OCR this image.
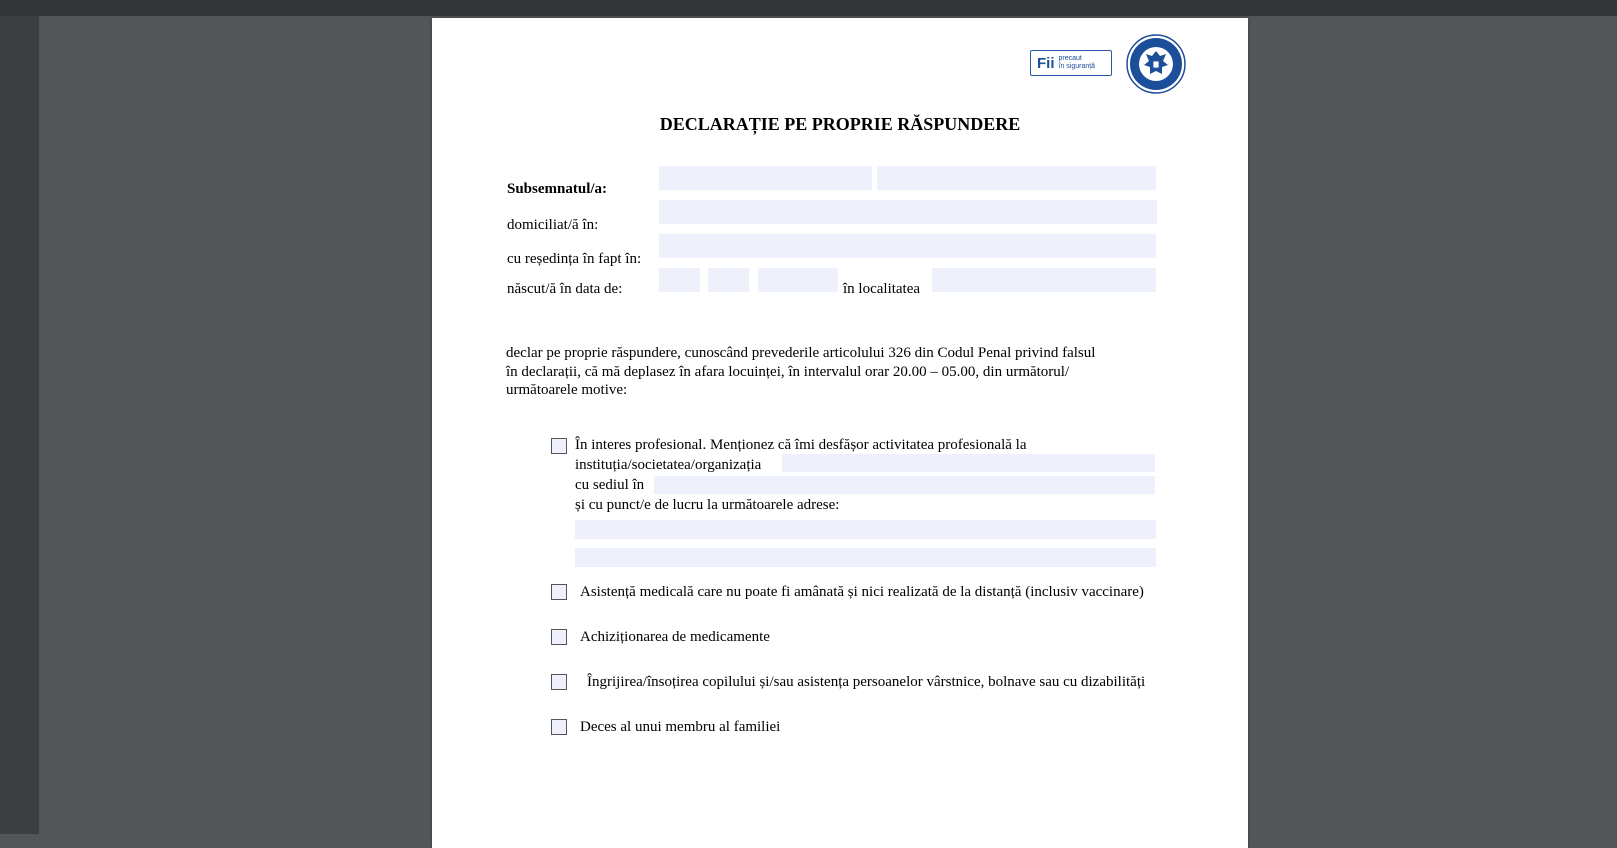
Fii precaut
în siguranță
DECLARAȚIE PE PROPRIE RĂSPUNDERE
Subsemnatul/a:
domiciliat/ă în:
cu reședința în fapt în:
născut/ă în data de:	în localitatea
declar pe proprie răspundere, cunoscând prevederile articolului 326 din Codul Penal privind falsul
în declarații, că mă deplasez în afara locuinței, în intervalul orar 20.00 – 05.00, din următorul/
următoarele motive:
În interes profesional. Menționez că îmi desfășor activitatea profesională la
instituția/societatea/organizația
cu sediul în
și cu punct/e de lucru la următoarele adrese:
Asistență medicală care nu poate fi amânată și nici realizată de la distanță (inclusiv vaccinare)
Achiziționarea de medicamente
Îngrijirea/însoțirea copilului și/sau asistența persoanelor vârstnice, bolnave sau cu dizabilități
Deces al unui membru al familiei
